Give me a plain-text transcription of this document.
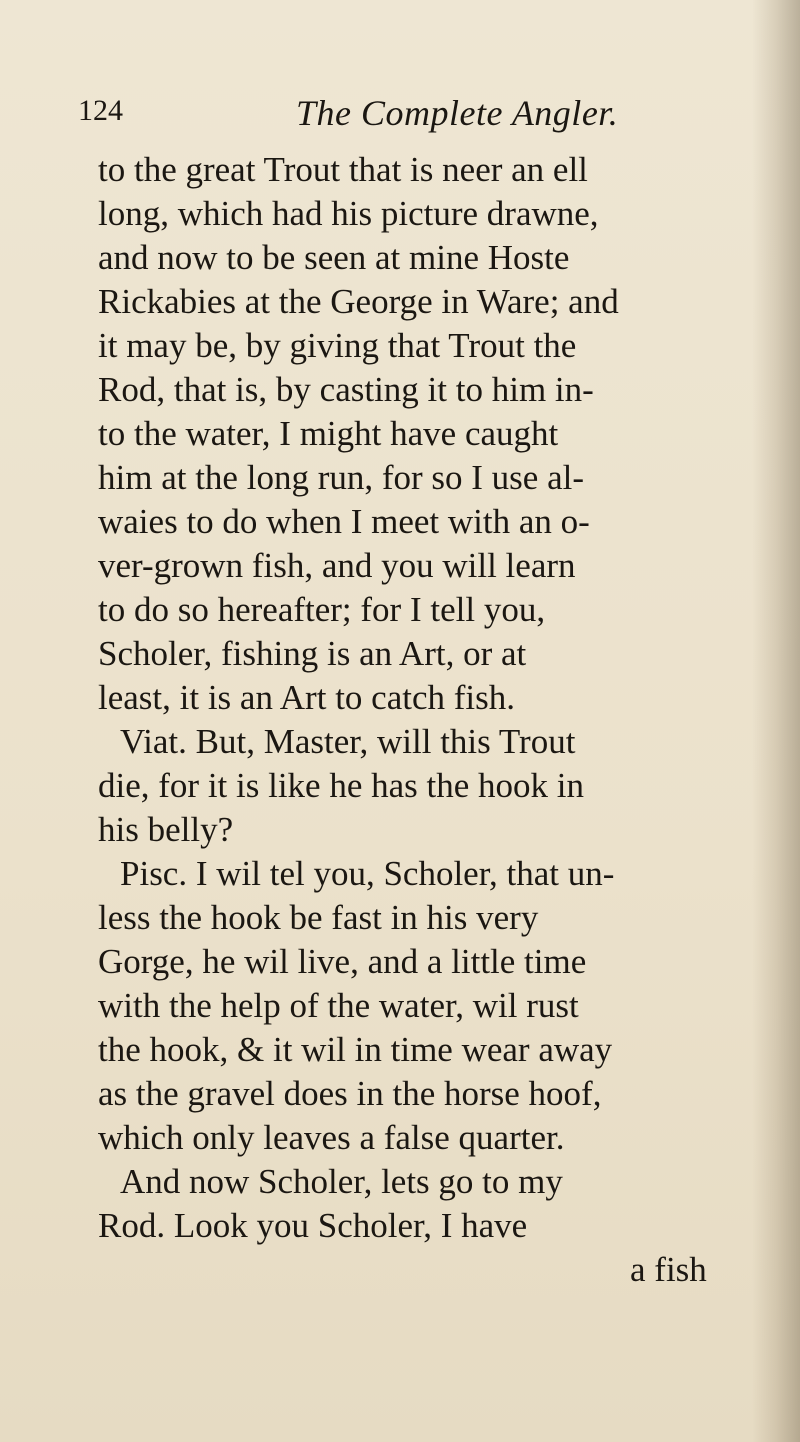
124	The Complete Angler.
to the great Trout that is neer an ell
long, which had his picture drawne,
and now to be seen at mine Hoste
Rickabies at the George in Ware; and
it may be, by giving that Trout the
Rod, that is, by casting it to him in-
to the water, I might have caught
him at the long run, for so I use al-
waies to do when I meet with an o-
ver-grown fish, and you will learn
to do so hereafter; for I tell you,
Scholer, fishing is an Art, or at
least, it is an Art to catch fish.
Viat. But, Master, will this Trout
die, for it is like he has the hook in
his belly?
Pisc. I wil tel you, Scholer, that un-
less the hook be fast in his very
Gorge, he wil live, and a little time
with the help of the water, wil rust
the hook, & it wil in time wear away
as the gravel does in the horse hoof,
which only leaves a false quarter.
And now Scholer, lets go to my
Rod. Look you Scholer, I have
a fish
